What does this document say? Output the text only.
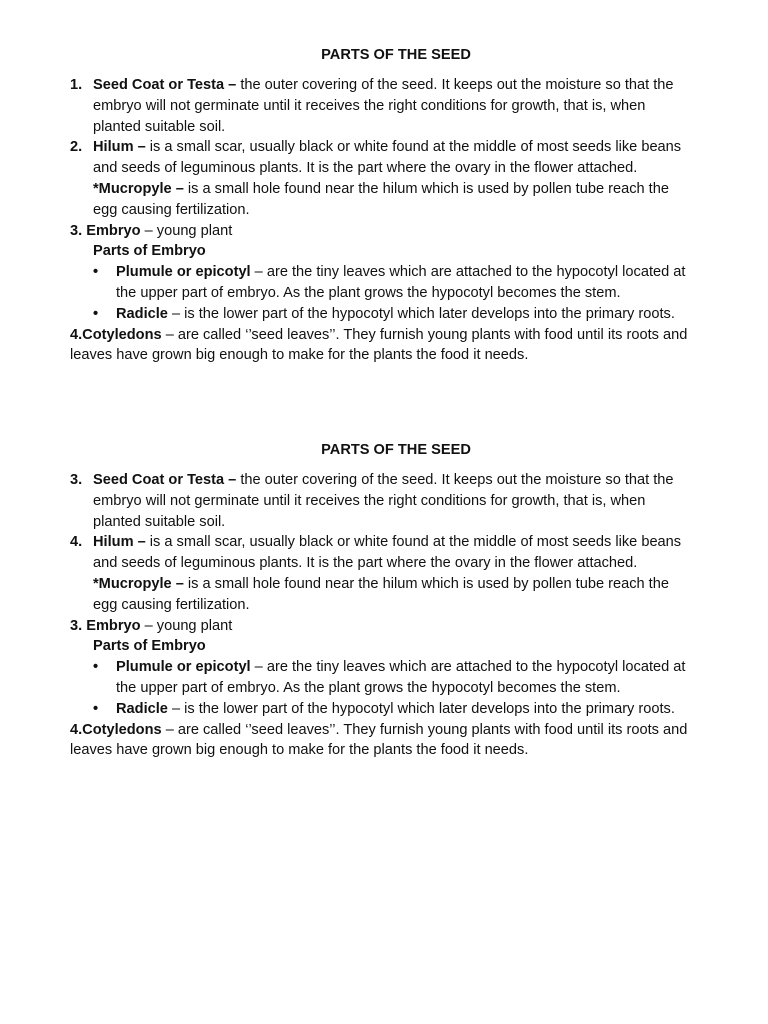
PARTS OF THE SEED
1. Seed Coat or Testa – the outer covering of the seed. It keeps out the moisture so that the
embryo will not germinate until it receives the right conditions for growth, that is, when
planted suitable soil.
2. Hilum – is a small scar, usually black or white found at the middle of most seeds like beans
and seeds of leguminous plants. It is the part where the ovary in the flower attached.
*Mucropyle – is a small hole found near the hilum which is used by pollen tube reach the
egg causing fertilization.
3. Embryo – young plant
Parts of Embryo
• Plumule or epicotyl – are the tiny leaves which are attached to the hypocotyl located at
the upper part of embryo. As the plant grows the hypocotyl becomes the stem.
• Radicle – is the lower part of the hypocotyl which later develops into the primary roots.
4.Cotyledons – are called ‘’seed leaves’’. They furnish young plants with food until its roots and
leaves have grown big enough to make for the plants the food it needs.
PARTS OF THE SEED
3. Seed Coat or Testa – the outer covering of the seed. It keeps out the moisture so that the
embryo will not germinate until it receives the right conditions for growth, that is, when
planted suitable soil.
4. Hilum – is a small scar, usually black or white found at the middle of most seeds like beans
and seeds of leguminous plants. It is the part where the ovary in the flower attached.
*Mucropyle – is a small hole found near the hilum which is used by pollen tube reach the
egg causing fertilization.
3. Embryo – young plant
Parts of Embryo
• Plumule or epicotyl – are the tiny leaves which are attached to the hypocotyl located at
the upper part of embryo. As the plant grows the hypocotyl becomes the stem.
• Radicle – is the lower part of the hypocotyl which later develops into the primary roots.
4.Cotyledons – are called ‘’seed leaves’’. They furnish young plants with food until its roots and
leaves have grown big enough to make for the plants the food it needs.
